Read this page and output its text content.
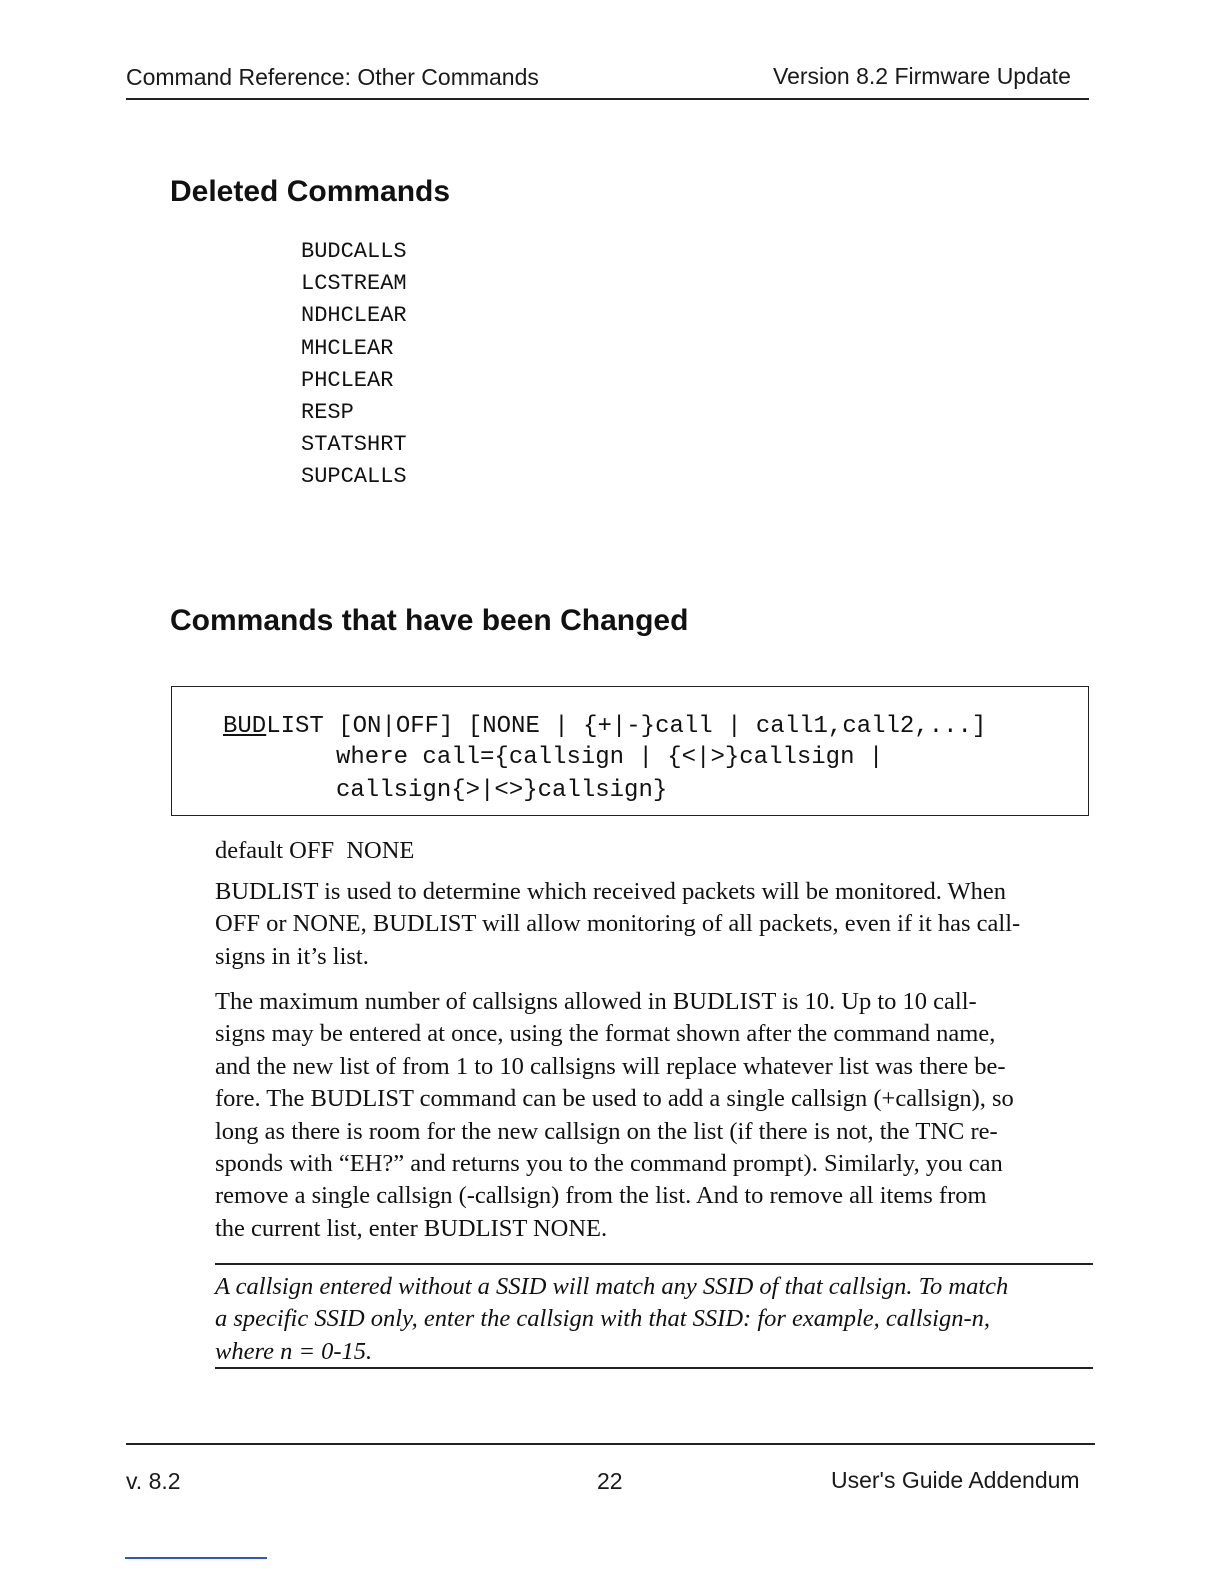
Command Reference: Other Commands	Version 8.2 Firmware Update
Deleted Commands
BUDCALLS
LCSTREAM
NDHCLEAR
MHCLEAR
PHCLEAR
RESP
STATSHRT
SUPCALLS
Commands that have been Changed
BUDLIST [ON|OFF] [NONE | {+|-}call | call1,call2,...]
where call={callsign | {<|>}callsign |
callsign{>|<>}callsign}
default OFF  NONE
BUDLIST is used to determine which received packets will be monitored. When
OFF or NONE, BUDLIST will allow monitoring of all packets, even if it has call-
signs in it’s list.
The maximum number of callsigns allowed in BUDLIST is 10. Up to 10 call-
signs may be entered at once, using the format shown after the command name,
and the new list of from 1 to 10 callsigns will replace whatever list was there be-
fore. The BUDLIST command can be used to add a single callsign (+callsign), so
long as there is room for the new callsign on the list (if there is not, the TNC re-
sponds with “EH?” and returns you to the command prompt). Similarly, you can
remove a single callsign (-callsign) from the list. And to remove all items from
the current list, enter BUDLIST NONE.
A callsign entered without a SSID will match any SSID of that callsign. To match
a specific SSID only, enter the callsign with that SSID: for example, callsign-n,
where n = 0-15.
v. 8.2	22	User's Guide Addendum
